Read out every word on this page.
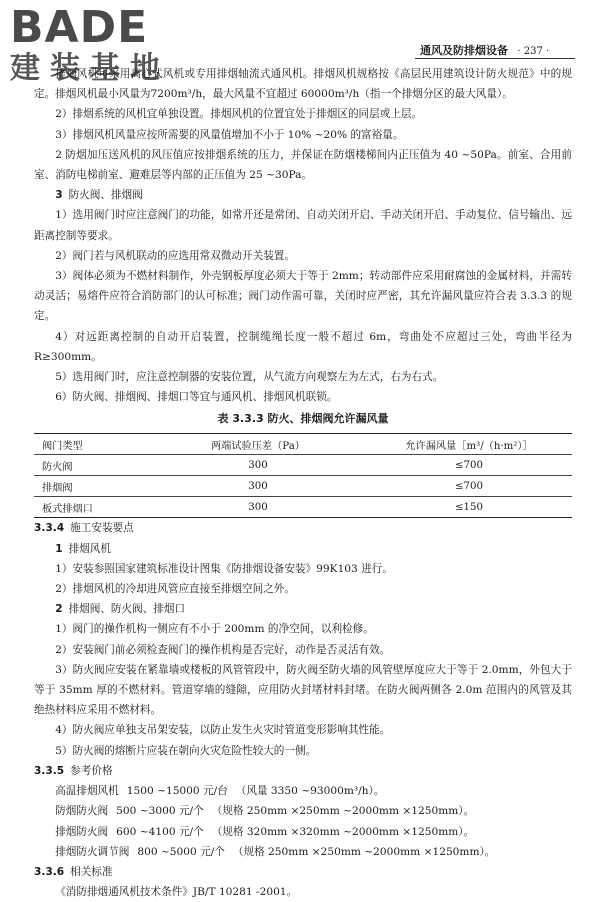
BADE
建装基地
通风及防排烟设备 · 237 ·

排烟风机可采用离心式风机或专用排烟轴流式通风机。排烟风机规格按《高层民用建筑设计防火规范》中的规定。排烟风机最小风量为7200m³/h，最大风量不宜超过 60000m³/h（指一个排烟分区的最大风量）。

2）排烟系统的风机宜单独设置。排烟风机的位置宜处于排烟区的同层或上层。

3）排烟风机风量应按所需要的风量值增加不小于 10% ~20% 的富裕量。

2 防烟加压送风机的风压值应按排烟系统的压力，并保证在防烟楼梯间内正压值为 40 ~50Pa。前室、合用前室、消防电梯前室、避难层等内部的正压值为 25 ~30Pa。

3 防火阀、排烟阀

1）选用阀门时应注意阀门的功能，如常开还是常闭、自动关闭开启、手动关闭开启、手动复位、信号输出、远距离控制等要求。

2）阀门若与风机联动的应选用常双微动开关装置。

3）阀体必须为不燃材料制作，外壳钢板厚度必须大于等于 2mm；转动部件应采用耐腐蚀的金属材料，并需转动灵活；易熔件应符合消防部门的认可标准；阀门动作需可靠，关闭时应严密，其允许漏风量应符合表 3.3.3 的规定。

4）对远距离控制的自动开启装置，控制缆绳长度一般不超过 6m，弯曲处不应超过三处，弯曲半径为 R≥300mm。

5）选用阀门时，应注意控制器的安装位置，从气流方向观察左为左式，右为右式。

6）防火阀、排烟阀、排烟口等宜与通风机、排烟风机联锁。

表 3.3.3 防火、排烟阀允许漏风量
阀门类型	两端试验压差（Pa）	允许漏风量［m³/（h·m²）］
防火阀	300	≤700
排烟阀	300	≤700
板式排烟口	300	≤150

3.3.4 施工安装要点

1 排烟风机

1）安装参照国家建筑标准设计图集《防排烟设备安装》99K103 进行。

2）排烟风机的冷却进风管应直接至排烟空间之外。

2 排烟阀、防火阀、排烟口

1）阀门的操作机构一侧应有不小于 200mm 的净空间，以利检修。

2）安装阀门前必须检查阀门的操作机构是否完好，动作是否灵活有效。

3）防火阀应安装在紧靠墙或楼板的风管管段中，防火阀至防火墙的风管壁厚度应大于等于 2.0mm，外包大于等于 35mm 厚的不燃材料。管道穿墙的缝隙，应用防火封堵材料封堵。在防火阀两侧各 2.0m 范围内的风管及其绝热材料应采用不燃材料。

4）防火阀应单独支吊架安装，以防止发生火灾时管道变形影响其性能。

5）防火阀的熔断片应装在朝向火灾危险性较大的一侧。

3.3.5 参考价格

高温排烟风机 1500 ~15000 元/台 （风量 3350 ~93000m³/h）。

防烟防火阀 500 ~3000 元/个 （规格 250mm ×250mm ~2000mm ×1250mm）。

排烟防火阀 600 ~4100 元/个 （规格 320mm ×320mm ~2000mm ×1250mm）。

排烟防火调节阀 800 ~5000 元/个 （规格 250mm ×250mm ~2000mm ×1250mm）。

3.3.6 相关标准

《消防排烟通风机技术条件》JB/T 10281 -2001。
